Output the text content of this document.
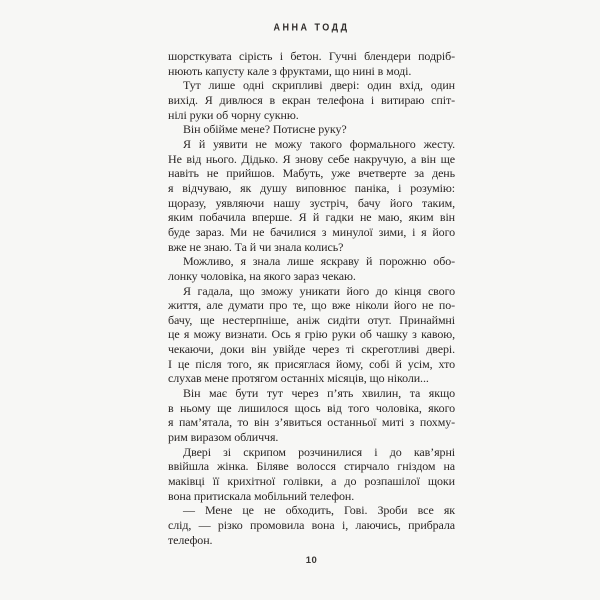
АННА ТОДД
шорсткувата сірість і бетон. Гучні блендери подріб-
нюють капусту кале з фруктами, що нині в моді.
Тут лише одні скрипливі двері: один вхід, один
вихід. Я дивлюся в екран телефона і витираю спіт-
нілі руки об чорну сукню.
Він обійме мене? Потисне руку?
Я й уявити не можу такого формального жесту.
Не від нього. Дідько. Я знову себе накручую, а він ще
навіть не прийшов. Мабуть, уже вчетверте за день
я відчуваю, як душу виповнює паніка, і розумію:
щоразу, уявляючи нашу зустріч, бачу його таким,
яким побачила вперше. Я й гадки не маю, яким він
буде зараз. Ми не бачилися з минулої зими, і я його
вже не знаю. Та й чи знала колись?
Можливо, я знала лише яскраву й порожню обо-
лонку чоловіка, на якого зараз чекаю.
Я гадала, що зможу уникати його до кінця свого
життя, але думати про те, що вже ніколи його не по-
бачу, ще нестерпніше, аніж сидіти отут. Принаймні
це я можу визнати. Ось я грію руки об чашку з кавою,
чекаючи, доки він увійде через ті скреготливі двері.
І це після того, як присяглася йому, собі й усім, хто
слухав мене протягом останніх місяців, що ніколи...
Він має бути тут через п’ять хвилин, та якщо
в ньому ще лишилося щось від того чоловіка, якого
я пам’ятала, то він з’явиться останньої миті з похму-
рим виразом обличчя.
Двері зі скрипом розчинилися і до кав’ярні
ввійшла жінка. Біляве волосся стирчало гніздом на
маківці її крихітної голівки, а до розпашілої щоки
вона притискала мобільний телефон.
— Мене це не обходить, Гові. Зроби все як
слід, — різко промовила вона і, лаючись, прибрала
телефон.
10
